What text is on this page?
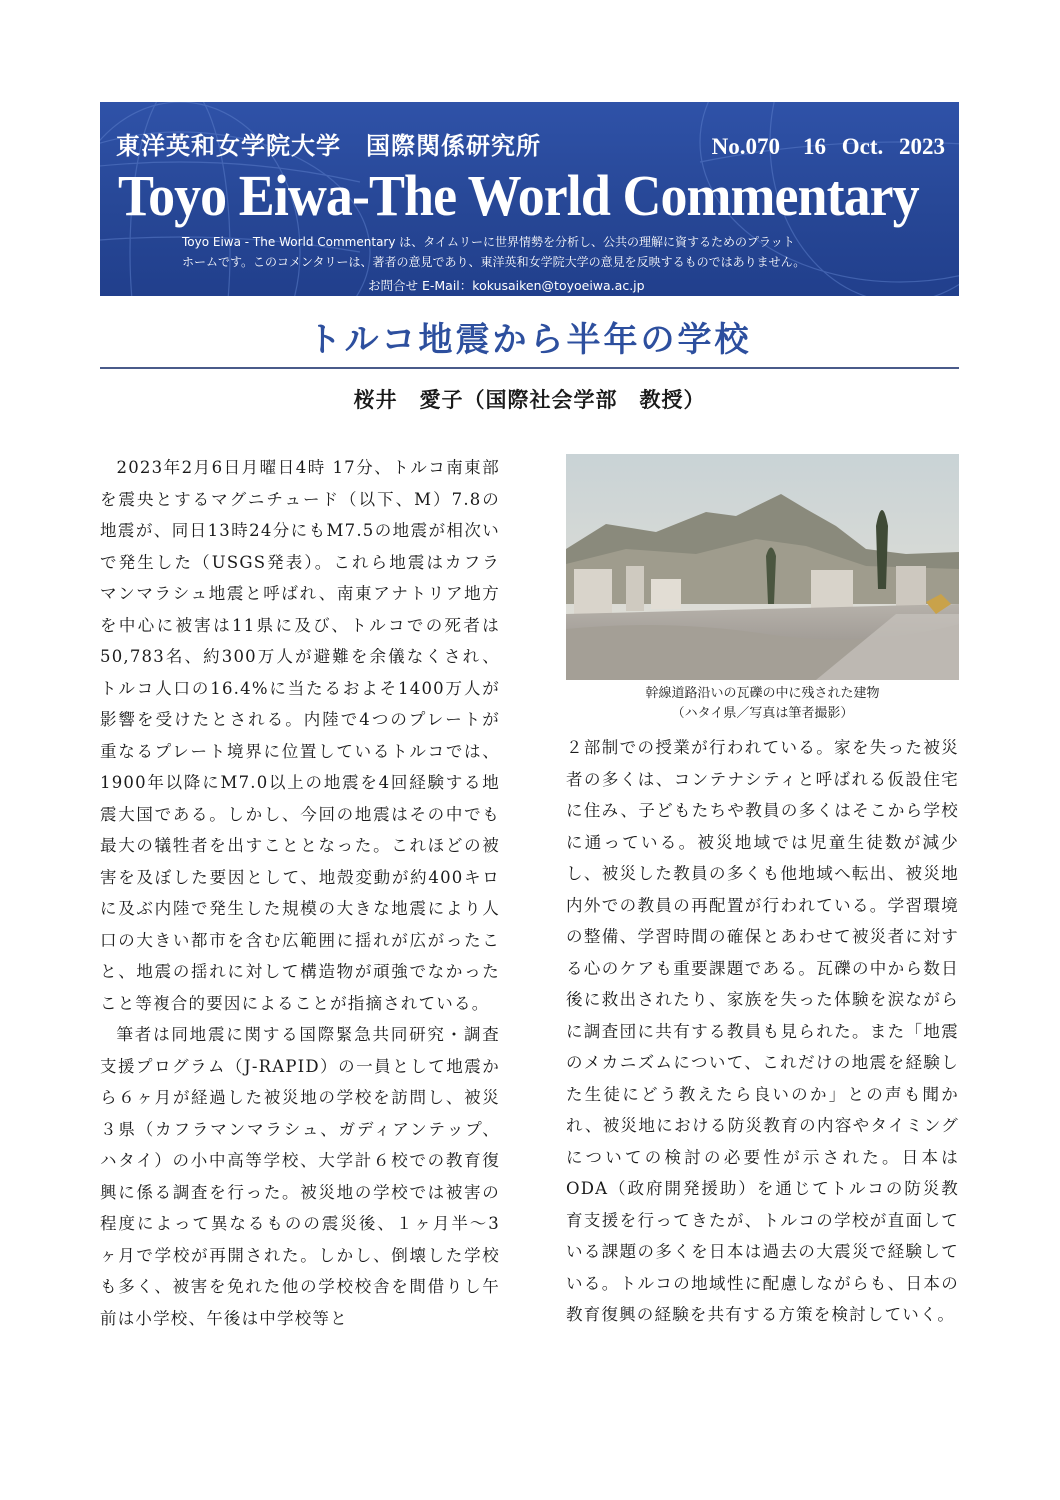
東洋英和女学院大学　国際関係研究所	No.070　16 Oct. 2023
Toyo Eiwa-The World Commentary
Toyo Eiwa - The World Commentary は、タイムリーに世界情勢を分析し、公共の理解に資するためのプラット
ホームです。このコメンタリーは、著者の意見であり、東洋英和女学院大学の意見を反映するものではありません。
お問合せ E-Mail：kokusaiken@toyoeiwa.ac.jp
トルコ地震から半年の学校
桜井　愛子（国際社会学部　教授）

2023年2月6日月曜日4時 17分、トルコ南東部を震央とするマグニチュード（以下、M）7.8の地震が、同日13時24分にもM7.5の地震が相次いで発生した（USGS発表）。これら地震はカフラマンマラシュ地震と呼ばれ、南東アナトリア地方を中心に被害は11県に及び、トルコでの死者は50,783名、約300万人が避難を余儀なくされ、トルコ人口の16.4%に当たるおよそ1400万人が影響を受けたとされる。内陸で4つのプレートが重なるプレート境界に位置しているトルコでは、1900年以降にM7.0以上の地震を4回経験する地震大国である。しかし、今回の地震はその中でも最大の犠牲者を出すこととなった。これほどの被害を及ぼした要因として、地殻変動が約400キロに及ぶ内陸で発生した規模の大きな地震により人口の大きい都市を含む広範囲に揺れが広がったこと、地震の揺れに対して構造物が頑強でなかったこと等複合的要因によることが指摘されている。

筆者は同地震に関する国際緊急共同研究・調査支援プログラム（J-RAPID）の一員として地震から６ヶ月が経過した被災地の学校を訪問し、被災３県（カフラマンマラシュ、ガディアンテップ、ハタイ）の小中高等学校、大学計６校での教育復興に係る調査を行った。被災地の学校では被害の程度によって異なるものの震災後、１ヶ月半〜3ヶ月で学校が再開された。しかし、倒壊した学校も多く、被害を免れた他の学校校舎を間借りし午前は小学校、午後は中学校等と

幹線道路沿いの瓦礫の中に残された建物
（ハタイ県／写真は筆者撮影）

２部制での授業が行われている。家を失った被災者の多くは、コンテナシティと呼ばれる仮設住宅に住み、子どもたちや教員の多くはそこから学校に通っている。被災地域では児童生徒数が減少し、被災した教員の多くも他地域へ転出、被災地内外での教員の再配置が行われている。学習環境の整備、学習時間の確保とあわせて被災者に対する心のケアも重要課題である。瓦礫の中から数日後に救出されたり、家族を失った体験を涙ながらに調査団に共有する教員も見られた。また「地震のメカニズムについて、これだけの地震を経験した生徒にどう教えたら良いのか」との声も聞かれ、被災地における防災教育の内容やタイミングについての検討の必要性が示された。日本はODA（政府開発援助）を通じてトルコの防災教育支援を行ってきたが、トルコの学校が直面している課題の多くを日本は過去の大震災で経験している。トルコの地域性に配慮しながらも、日本の教育復興の経験を共有する方策を検討していく。
